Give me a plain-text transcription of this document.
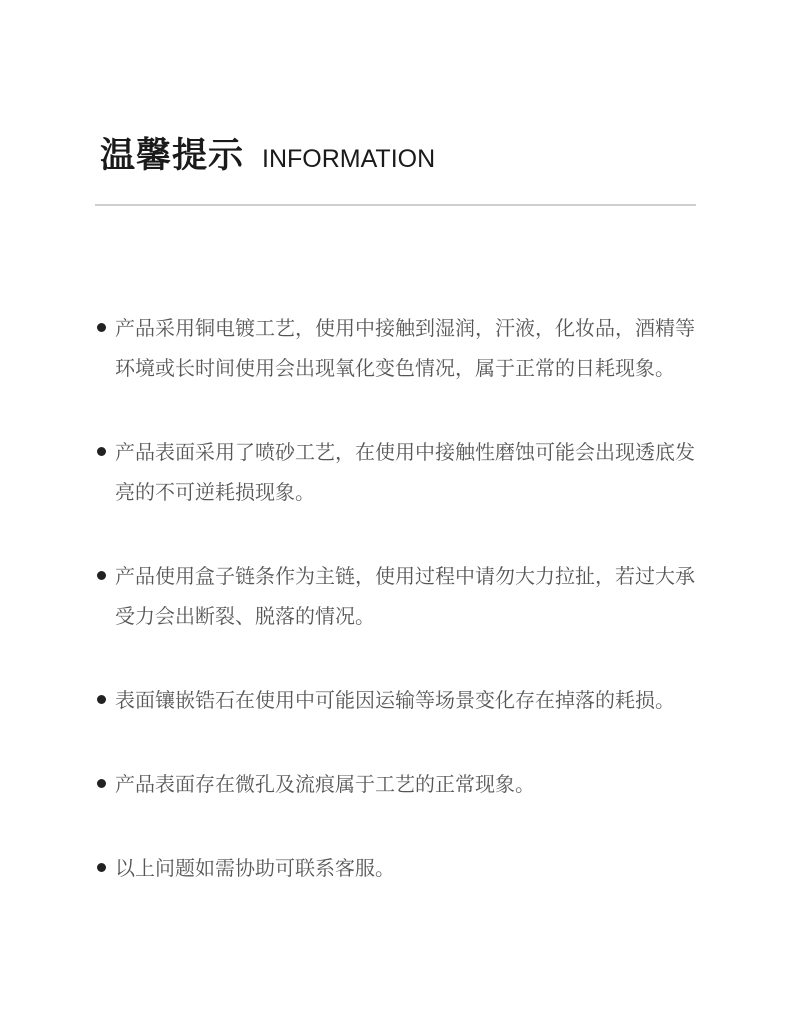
温馨提示 INFORMATION
产品采用铜电镀工艺，使用中接触到湿润，汗液，化妆品，酒精等环境或长时间使用会出现氧化变色情况，属于正常的日耗现象。
产品表面采用了喷砂工艺，在使用中接触性磨蚀可能会出现透底发亮的不可逆耗损现象。
产品使用盒子链条作为主链，使用过程中请勿大力拉扯，若过大承受力会出断裂、脱落的情况。
表面镶嵌锆石在使用中可能因运输等场景变化存在掉落的耗损。
产品表面存在微孔及流痕属于工艺的正常现象。
以上问题如需协助可联系客服。
